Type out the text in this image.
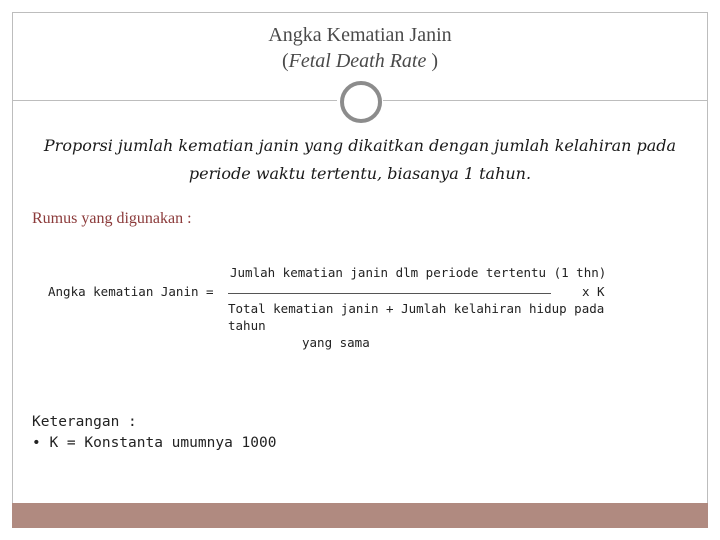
Angka Kematian Janin
(Fetal Death Rate )
Proporsi jumlah kematian janin yang dikaitkan dengan jumlah kelahiran pada
periode waktu tertentu, biasanya 1 tahun.
Rumus yang digunakan :
Angka kematian Janin =
Jumlah kematian janin dlm periode tertentu (1 thn)
x K
Total kematian janin + Jumlah kelahiran hidup pada tahun
yang sama
Keterangan :
• K = Konstanta umumnya 1000
